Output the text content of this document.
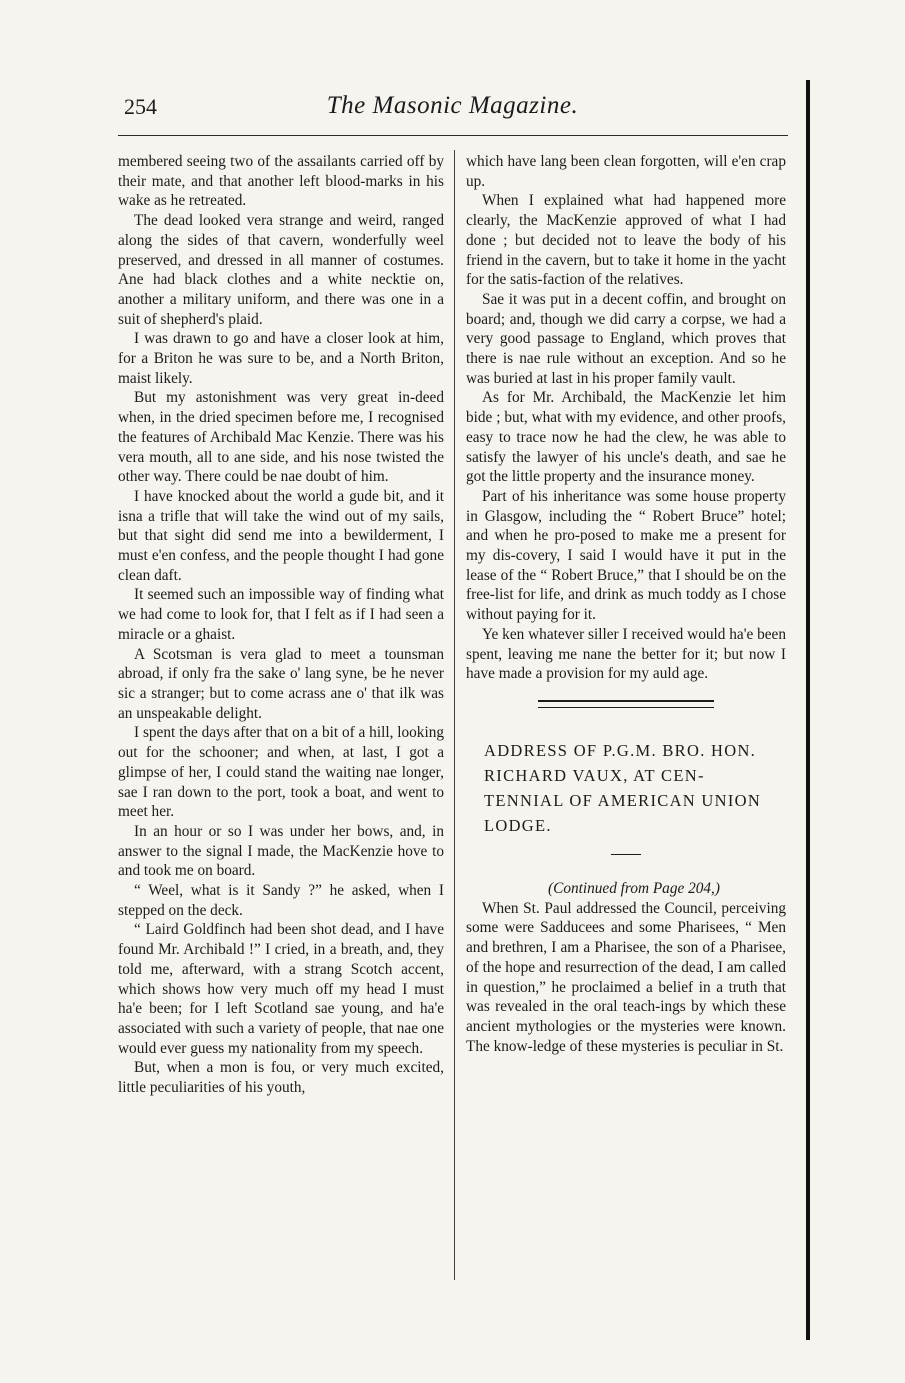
254	The Masonic Magazine.

membered seeing two of the assailants carried off by their mate, and that another left blood-marks in his wake as he retreated.

The dead looked vera strange and weird, ranged along the sides of that cavern, wonderfully weel preserved, and dressed in all manner of costumes. Ane had black clothes and a white necktie on, another a military uniform, and there was one in a suit of shepherd's plaid.

I was drawn to go and have a closer look at him, for a Briton he was sure to be, and a North Briton, maist likely.

But my astonishment was very great in-deed when, in the dried specimen before me, I recognised the features of Archibald Mac Kenzie. There was his vera mouth, all to ane side, and his nose twisted the other way. There could be nae doubt of him.

I have knocked about the world a gude bit, and it isna a trifle that will take the wind out of my sails, but that sight did send me into a bewilderment, I must e'en confess, and the people thought I had gone clean daft.

It seemed such an impossible way of finding what we had come to look for, that I felt as if I had seen a miracle or a ghaist.

A Scotsman is vera glad to meet a tounsman abroad, if only fra the sake o' lang syne, be he never sic a stranger; but to come acrass ane o' that ilk was an unspeakable delight.

I spent the days after that on a bit of a hill, looking out for the schooner; and when, at last, I got a glimpse of her, I could stand the waiting nae longer, sae I ran down to the port, took a boat, and went to meet her.

In an hour or so I was under her bows, and, in answer to the signal I made, the MacKenzie hove to and took me on board.

“ Weel, what is it Sandy ?” he asked, when I stepped on the deck.

“ Laird Goldfinch had been shot dead, and I have found Mr. Archibald !” I cried, in a breath, and, they told me, afterward, with a strang Scotch accent, which shows how very much off my head I must ha'e been; for I left Scotland sae young, and ha'e associated with such a variety of people, that nae one would ever guess my nationality from my speech.

But, when a mon is fou, or very much excited, little peculiarities of his youth,

which have lang been clean forgotten, will e'en crap up.

When I explained what had happened more clearly, the MacKenzie approved of what I had done ; but decided not to leave the body of his friend in the cavern, but to take it home in the yacht for the satis-faction of the relatives.

Sae it was put in a decent coffin, and brought on board; and, though we did carry a corpse, we had a very good passage to England, which proves that there is nae rule without an exception. And so he was buried at last in his proper family vault.

As for Mr. Archibald, the MacKenzie let him bide ; but, what with my evidence, and other proofs, easy to trace now he had the clew, he was able to satisfy the lawyer of his uncle's death, and sae he got the little property and the insurance money.

Part of his inheritance was some house property in Glasgow, including the “ Robert Bruce” hotel; and when he pro-posed to make me a present for my dis-covery, I said I would have it put in the lease of the “ Robert Bruce,” that I should be on the free-list for life, and drink as much toddy as I chose without paying for it.

Ye ken whatever siller I received would ha'e been spent, leaving me nane the better for it; but now I have made a provision for my auld age.

ADDRESS OF P.G.M. BRO. HON.
RICHARD VAUX, AT CEN-
TENNIAL OF AMERICAN UNION
LODGE.

(Continued from Page 204,)

When St. Paul addressed the Council, perceiving some were Sadducees and some Pharisees, “ Men and brethren, I am a Pharisee, the son of a Pharisee, of the hope and resurrection of the dead, I am called in question,” he proclaimed a belief in a truth that was revealed in the oral teach-ings by which these ancient mythologies or the mysteries were known. The know-ledge of these mysteries is peculiar in St.
